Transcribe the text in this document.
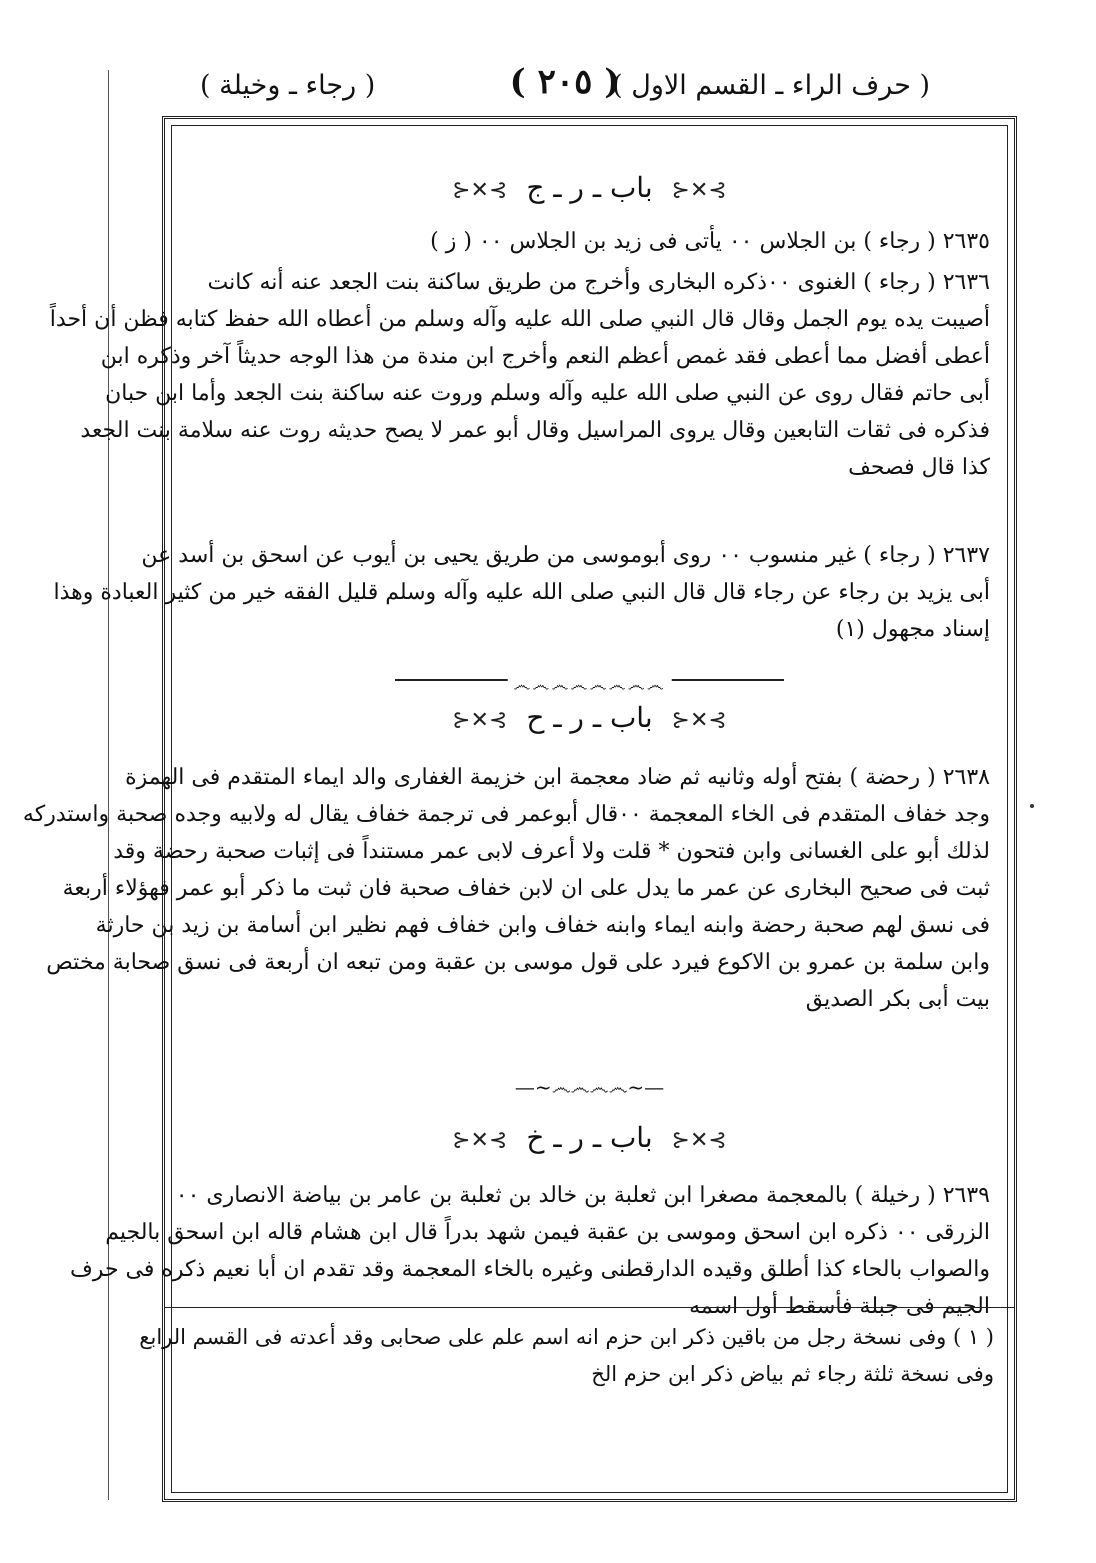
( حرف الراء ـ القسم الاول )
( ٢٠٥ )
( رجاء ـ وخيلة )
⊱✕⊰ باب ـ ر ـ ج ⊱✕⊰
٢٦٣٥ ( رجاء ) بن الجلاس ٠٠ يأتى فى زيد بن الجلاس ٠٠ ( ز )
٢٦٣٦ ( رجاء ) الغنوى ٠٠ذكره البخارى وأخرج من طريق ساكنة بنت الجعد عنه أنه كانت
أصيبت يده يوم الجمل وقال قال النبي صلى الله عليه وآله وسلم من أعطاه الله حفظ كتابه فظن أن أحداً
أعطى أفضل مما أعطى فقد غمص أعظم النعم وأخرج ابن مندة من هذا الوجه حديثاً آخر وذكره ابن
أبى حاتم فقال روى عن النبي صلى الله عليه وآله وسلم وروت عنه ساكنة بنت الجعد وأما ابن حبان
فذكره فى ثقات التابعين وقال يروى المراسيل وقال أبو عمر لا يصح حديثه روت عنه سلامة بنت الجعد
كذا قال فصحف
٢٦٣٧ ( رجاء ) غير منسوب ٠٠ روى أبوموسى من طريق يحيى بن أيوب عن اسحق بن أسد عن
أبى يزيد بن رجاء عن رجاء قال قال النبي صلى الله عليه وآله وسلم قليل الفقه خير من كثير العبادة وهذا
إسناد مجهول (١)
෴෴෴෴෴෴෴෴
⊱✕⊰ باب ـ ر ـ ح ⊱✕⊰
٢٦٣٨ ( رحضة ) بفتح أوله وثانيه ثم ضاد معجمة ابن خزيمة الغفارى والد ايماء المتقدم فى الهمزة
وجد خفاف المتقدم فى الخاء المعجمة ٠٠قال أبوعمر فى ترجمة خفاف يقال له ولابيه وجده صحبة واستدركه
لذلك أبو على الغسانى وابن فتحون * قلت ولا أعرف لابى عمر مستنداً فى إثبات صحبة رحضة وقد
ثبت فى صحيح البخارى عن عمر ما يدل على ان لابن خفاف صحبة فان ثبت ما ذكر أبو عمر فهؤلاء أربعة
فى نسق لهم صحبة رحضة وابنه ايماء وابنه خفاف وابن خفاف فهم نظير ابن أسامة بن زيد بن حارثة
وابن سلمة بن عمرو بن الاكوع فيرد على قول موسى بن عقبة ومن تبعه ان أربعة فى نسق صحابة مختص
بيت أبى بكر الصديق
—~෴෴෴෴~—
⊱✕⊰ باب ـ ر ـ خ ⊱✕⊰
٢٦٣٩ ( رخيلة ) بالمعجمة مصغرا ابن ثعلبة بن خالد بن ثعلبة بن عامر بن بياضة الانصارى ٠٠
الزرقى ٠٠ ذكره ابن اسحق وموسى بن عقبة فيمن شهد بدراً قال ابن هشام قاله ابن اسحق بالجيم
والصواب بالحاء كذا أطلق وقيده الدارقطنى وغيره بالخاء المعجمة وقد تقدم ان أبا نعيم ذكره فى حرف
الجيم فى جبلة فأسقط أول اسمه
( ١ ) وفى نسخة رجل من باقين ذكر ابن حزم انه اسم علم على صحابى وقد أعدته فى القسم الرابع
وفى نسخة ثلثة رجاء ثم بياض ذكر ابن حزم الخ
